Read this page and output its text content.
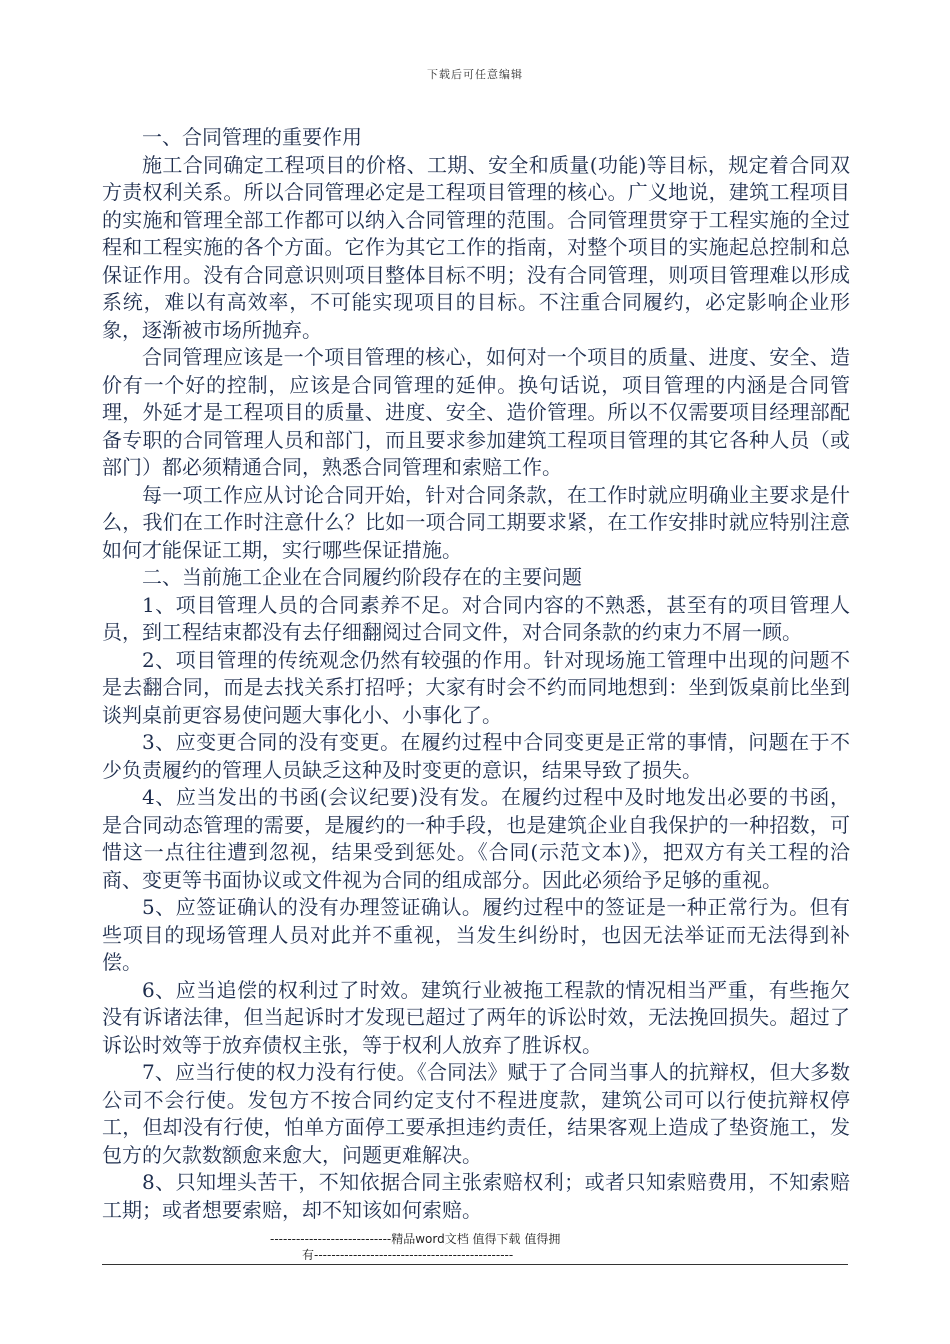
下载后可任意编辑

一、合同管理的重要作用

施工合同确定工程项目的价格、工期、安全和质量(功能)等目标，规定着合同双方责权利关系。所以合同管理必定是工程项目管理的核心。广义地说，建筑工程项目的实施和管理全部工作都可以纳入合同管理的范围。合同管理贯穿于工程实施的全过程和工程实施的各个方面。它作为其它工作的指南，对整个项目的实施起总控制和总保证作用。没有合同意识则项目整体目标不明；没有合同管理，则项目管理难以形成系统，难以有高效率，不可能实现项目的目标。不注重合同履约，必定影响企业形象，逐渐被市场所抛弃。

合同管理应该是一个项目管理的核心，如何对一个项目的质量、进度、安全、造价有一个好的控制，应该是合同管理的延伸。换句话说，项目管理的内涵是合同管理，外延才是工程项目的质量、进度、安全、造价管理。所以不仅需要项目经理部配备专职的合同管理人员和部门，而且要求参加建筑工程项目管理的其它各种人员（或部门）都必须精通合同，熟悉合同管理和索赔工作。

每一项工作应从讨论合同开始，针对合同条款，在工作时就应明确业主要求是什么，我们在工作时注意什么？比如一项合同工期要求紧，在工作安排时就应特别注意如何才能保证工期，实行哪些保证措施。

二、当前施工企业在合同履约阶段存在的主要问题

1、项目管理人员的合同素养不足。对合同内容的不熟悉，甚至有的项目管理人员，到工程结束都没有去仔细翻阅过合同文件，对合同条款的约束力不屑一顾。

2、项目管理的传统观念仍然有较强的作用。针对现场施工管理中出现的问题不是去翻合同，而是去找关系打招呼；大家有时会不约而同地想到：坐到饭桌前比坐到谈判桌前更容易使问题大事化小、小事化了。

3、应变更合同的没有变更。在履约过程中合同变更是正常的事情，问题在于不少负责履约的管理人员缺乏这种及时变更的意识，结果导致了损失。

4、应当发出的书函(会议纪要)没有发。在履约过程中及时地发出必要的书函，是合同动态管理的需要，是履约的一种手段，也是建筑企业自我保护的一种招数，可惜这一点往往遭到忽视，结果受到惩处。《合同(示范文本)》，把双方有关工程的洽商、变更等书面协议或文件视为合同的组成部分。因此必须给予足够的重视。

5、应签证确认的没有办理签证确认。履约过程中的签证是一种正常行为。但有些项目的现场管理人员对此并不重视，当发生纠纷时，也因无法举证而无法得到补偿。

6、应当追偿的权利过了时效。建筑行业被拖工程款的情况相当严重，有些拖欠没有诉诸法律，但当起诉时才发现已超过了两年的诉讼时效，无法挽回损失。超过了诉讼时效等于放弃债权主张，等于权利人放弃了胜诉权。

7、应当行使的权力没有行使。《合同法》赋于了合同当事人的抗辩权，但大多数公司不会行使。发包方不按合同约定支付不程进度款，建筑公司可以行使抗辩权停工，但却没有行使，怕单方面停工要承担违约责任，结果客观上造成了垫资施工，发包方的欠款数额愈来愈大，问题更难解决。

8、只知埋头苦干，不知依据合同主张索赔权利；或者只知索赔费用，不知索赔工期；或者想要索赔，却不知该如何索赔。

----------------------------精品word文档 值得下载 值得拥
有----------------------------------------------
